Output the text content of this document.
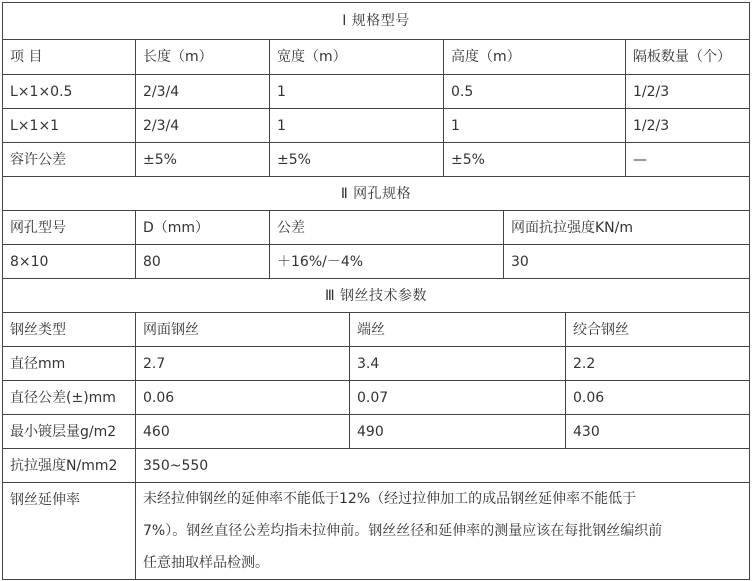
Ⅰ 规格型号
项 目	长度（m）	宽度（m）	高度（m）	隔板数量（个）
L×1×0.5	2/3/4	1	0.5	1/2/3
L×1×1	2/3/4	1	1	1/2/3
容许公差	±5%	±5%	±5%	—
Ⅱ 网孔规格
网孔型号	D（mm）	公差	网面抗拉强度KN/m
8×10	80	＋16%/－4%	30
Ⅲ 钢丝技术参数
钢丝类型	网面钢丝	端丝	绞合钢丝
直径mm	2.7	3.4	2.2
直径公差(±)mm	0.06	0.07	0.06
最小镀层量g/m2	460	490	430
抗拉强度N/mm2	350~550
钢丝延伸率	未经拉伸钢丝的延伸率不能低于12%（经过拉伸加工的成品钢丝延伸率不能低于
7%）。钢丝直径公差均指未拉伸前。钢丝丝径和延伸率的测量应该在每批钢丝编织前
任意抽取样品检测。
